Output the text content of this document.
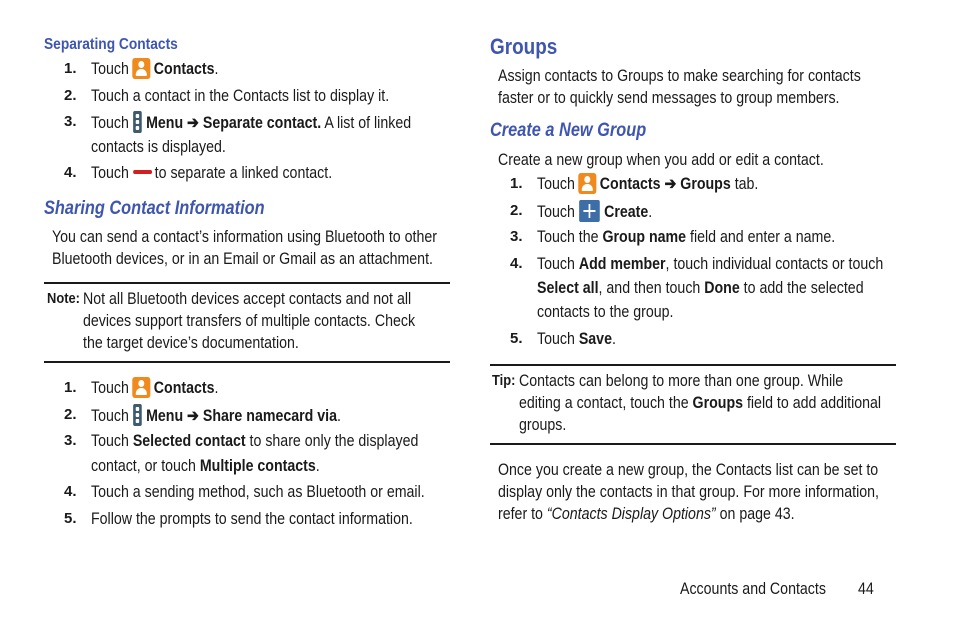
Separating Contacts
1. Touch Contacts.
2. Touch a contact in the Contacts list to display it.
3. Touch Menu ➔ Separate contact. A list of linked
contacts is displayed.
4. Touch to separate a linked contact.
Sharing Contact Information
You can send a contact’s information using Bluetooth to other
Bluetooth devices, or in an Email or Gmail as an attachment.
Note: Not all Bluetooth devices accept contacts and not all
devices support transfers of multiple contacts. Check
the target device’s documentation.
1. Touch Contacts.
2. Touch Menu ➔ Share namecard via.
3. Touch Selected contact to share only the displayed
contact, or touch Multiple contacts.
4. Touch a sending method, such as Bluetooth or email.
5. Follow the prompts to send the contact information.
Groups
Assign contacts to Groups to make searching for contacts
faster or to quickly send messages to group members.
Create a New Group
Create a new group when you add or edit a contact.
1. Touch Contacts ➔ Groups tab.
2. Touch Create.
3. Touch the Group name field and enter a name.
4. Touch Add member, touch individual contacts or touch
Select all, and then touch Done to add the selected
contacts to the group.
5. Touch Save.
Tip: Contacts can belong to more than one group. While
editing a contact, touch the Groups field to add additional
groups.
Once you create a new group, the Contacts list can be set to
display only the contacts in that group. For more information,
refer to “Contacts Display Options” on page 43.
Accounts and Contacts	44
